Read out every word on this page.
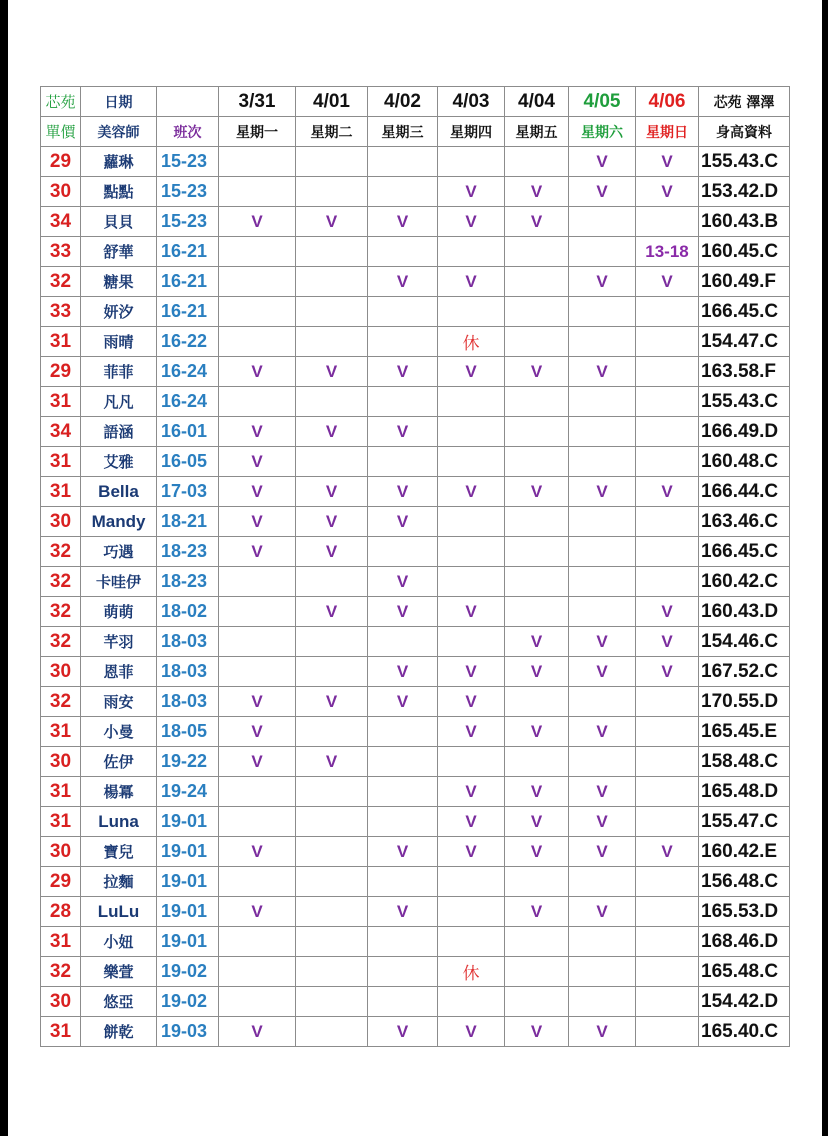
芯苑	日期		3/31	4/01	4/02	4/03	4/04	4/05	4/06	芯苑 澤澤
單價	美容師	班次	星期一	星期二	星期三	星期四	星期五	星期六	星期日	身高資料
29	蘿琳	15-23						V	V	155.43.C
30	點點	15-23				V	V	V	V	153.42.D
34	貝貝	15-23	V	V	V	V	V			160.43.B
33	舒華	16-21							13-18	160.45.C
32	糖果	16-21			V	V		V	V	160.49.F
33	妍汐	16-21								166.45.C
31	雨晴	16-22				休				154.47.C
29	菲菲	16-24	V	V	V	V	V	V		163.58.F
31	凡凡	16-24								155.43.C
34	語涵	16-01	V	V	V					166.49.D
31	艾雅	16-05	V							160.48.C
31	Bella	17-03	V	V	V	V	V	V	V	166.44.C
30	Mandy	18-21	V	V	V					163.46.C
32	巧遇	18-23	V	V						166.45.C
32	卡哇伊	18-23			V					160.42.C
32	萌萌	18-02		V	V	V			V	160.43.D
32	芊羽	18-03					V	V	V	154.46.C
30	恩菲	18-03			V	V	V	V	V	167.52.C
32	雨安	18-03	V	V	V	V				170.55.D
31	小曼	18-05	V			V	V	V		165.45.E
30	佐伊	19-22	V	V						158.48.C
31	楊冪	19-24				V	V	V		165.48.D
31	Luna	19-01				V	V	V		155.47.C
30	寶兒	19-01	V		V	V	V	V	V	160.42.E
29	拉麵	19-01								156.48.C
28	LuLu	19-01	V		V		V	V		165.53.D
31	小妞	19-01								168.46.D
32	樂萱	19-02				休				165.48.C
30	悠亞	19-02								154.42.D
31	餅乾	19-03	V		V	V	V	V		165.40.C
